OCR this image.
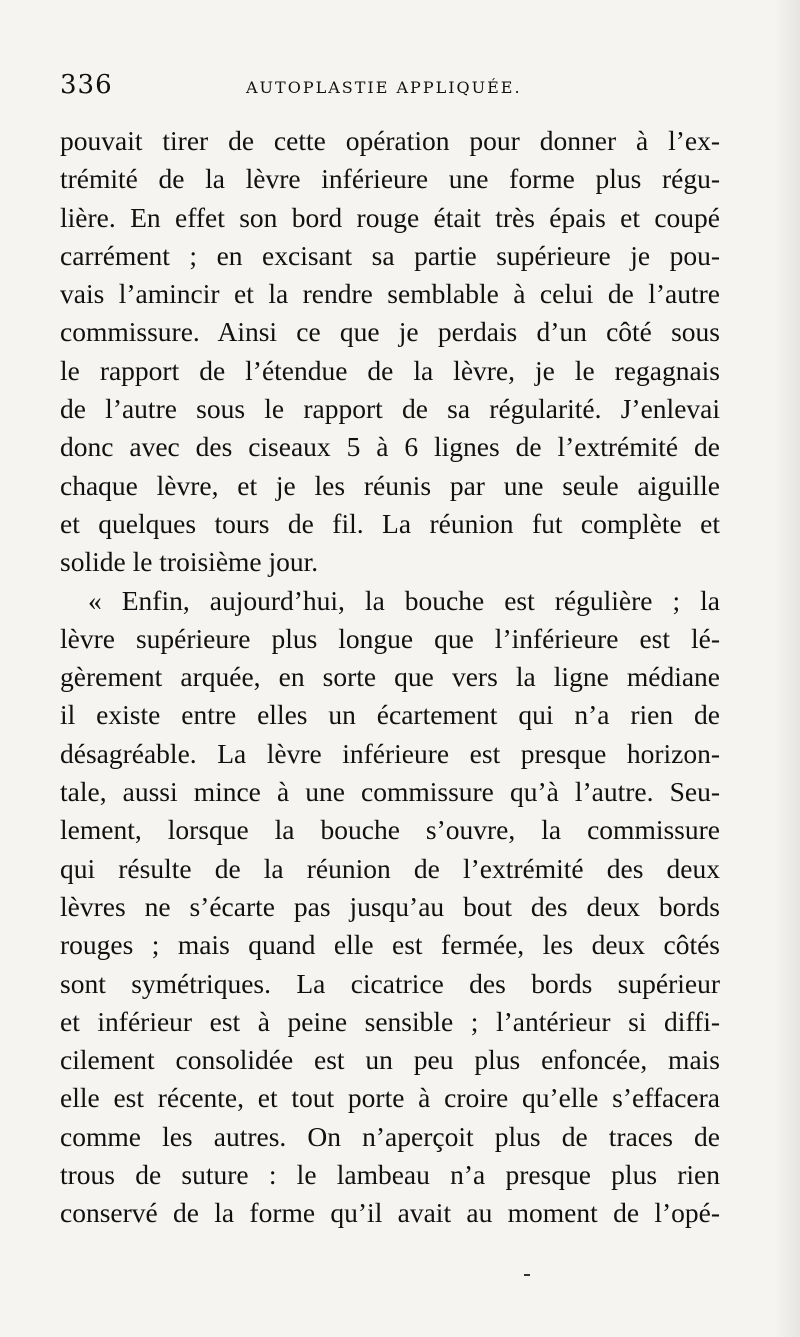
336	AUTOPLASTIE APPLIQUÉE.
pouvait tirer de cette opération pour donner à l’ex-
trémité de la lèvre inférieure une forme plus régu-
lière. En effet son bord rouge était très épais et coupé
carrément ; en excisant sa partie supérieure je pou-
vais l’amincir et la rendre semblable à celui de l’autre
commissure. Ainsi ce que je perdais d’un côté sous
le rapport de l’étendue de la lèvre, je le regagnais
de l’autre sous le rapport de sa régularité. J’enlevai
donc avec des ciseaux 5 à 6 lignes de l’extrémité de
chaque lèvre, et je les réunis par une seule aiguille
et quelques tours de fil. La réunion fut complète et
solide le troisième jour.
« Enfin, aujourd’hui, la bouche est régulière ; la
lèvre supérieure plus longue que l’inférieure est lé-
gèrement arquée, en sorte que vers la ligne médiane
il existe entre elles un écartement qui n’a rien de
désagréable. La lèvre inférieure est presque horizon-
tale, aussi mince à une commissure qu’à l’autre. Seu-
lement, lorsque la bouche s’ouvre, la commissure
qui résulte de la réunion de l’extrémité des deux
lèvres ne s’écarte pas jusqu’au bout des deux bords
rouges ; mais quand elle est fermée, les deux côtés
sont symétriques. La cicatrice des bords supérieur
et inférieur est à peine sensible ; l’antérieur si diffi-
cilement consolidée est un peu plus enfoncée, mais
elle est récente, et tout porte à croire qu’elle s’effacera
comme les autres. On n’aperçoit plus de traces de
trous de suture : le lambeau n’a presque plus rien
conservé de la forme qu’il avait au moment de l’opé-
